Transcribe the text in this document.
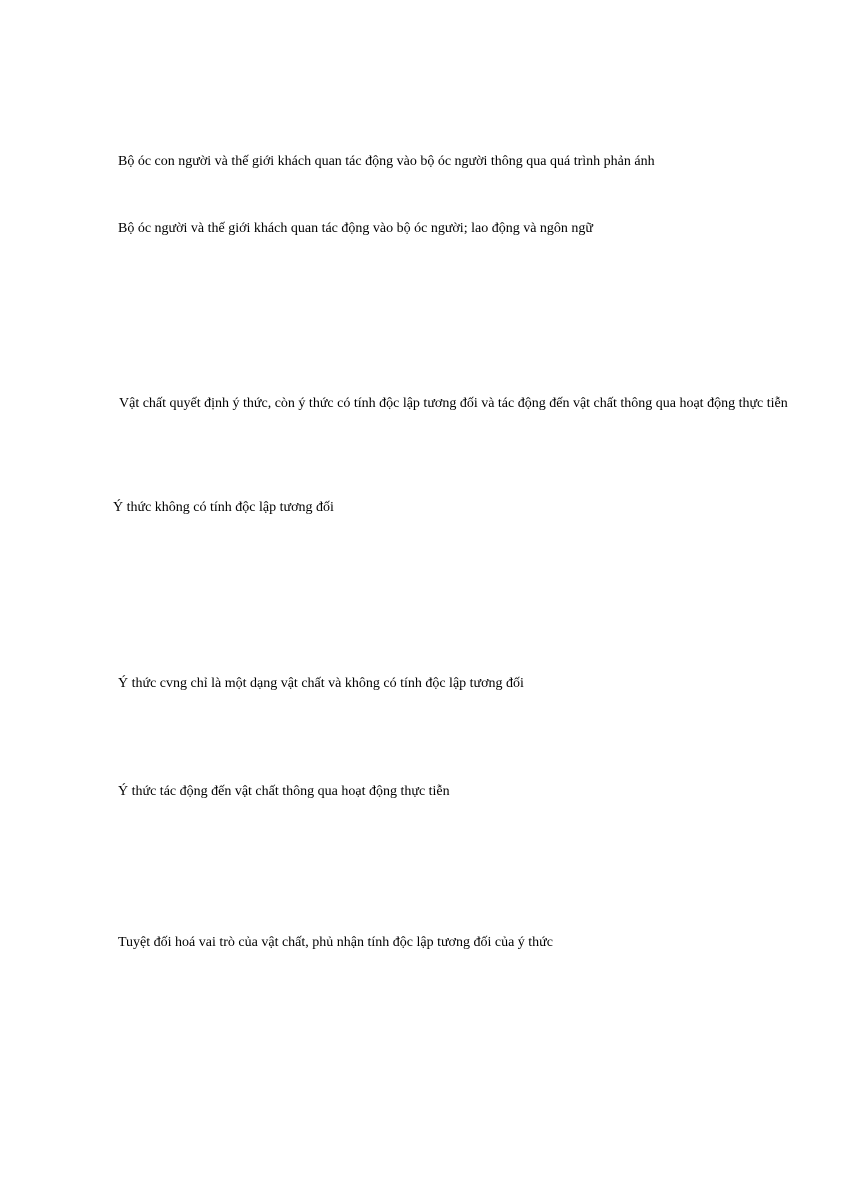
Bộ óc con người và thế giới khách quan tác động vào bộ óc người thông qua quá trình phản ánh
Bộ óc người và thế giới khách quan tác động vào bộ óc người; lao động và ngôn ngữ
Vật chất quyết định ý thức, còn ý thức có tính độc lập tương đối và tác động đến vật chất thông qua hoạt động thực tiễn
Ý thức không có tính độc lập tương đối
Ý thức cvng chỉ là một dạng vật chất và không có tính độc lập tương đối
Ý thức tác động đến vật chất thông qua hoạt động thực tiễn
Tuyệt đối hoá vai trò của vật chất, phủ nhận tính độc lập tương đối của ý thức
